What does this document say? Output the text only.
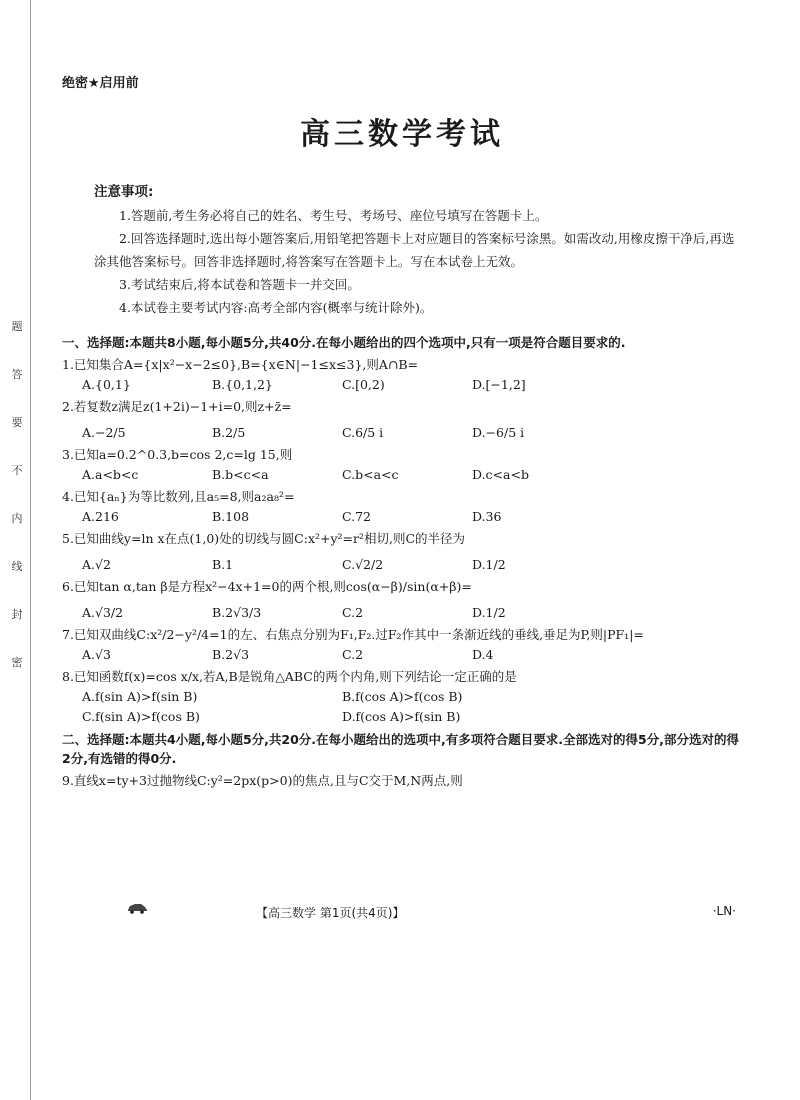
题
答
要
不
内
线
封
密
绝密★启用前
高三数学考试
注意事项:

1.答题前,考生务必将自己的姓名、考生号、考场号、座位号填写在答题卡上。

2.回答选择题时,选出每小题答案后,用铅笔把答题卡上对应题目的答案标号涂黑。如需改动,用橡皮擦干净后,再选涂其他答案标号。回答非选择题时,将答案写在答题卡上。写在本试卷上无效。

3.考试结束后,将本试卷和答题卡一并交回。

4.本试卷主要考试内容:高考全部内容(概率与统计除外)。

一、选择题:本题共8小题,每小题5分,共40分.在每小题给出的四个选项中,只有一项是符合题目要求的.
1.已知集合A={x|x²−x−2≤0},B={x∈N|−1≤x≤3},则A∩B=
A.{0,1}	B.{0,1,2}	C.[0,2)	D.[−1,2]
2.若复数z满足z(1+2i)−1+i=0,则z+z̄=
A.−2/5	B.2/5	C.6/5 i	D.−6/5 i
3.已知a=0.2^0.3,b=cos 2,c=lg 15,则
A.a<b<c	B.b<c<a	C.b<a<c	D.c<a<b
4.已知{aₙ}为等比数列,且a₅=8,则a₂a₈²=
A.216	B.108	C.72	D.36
5.已知曲线y=ln x在点(1,0)处的切线与圆C:x²+y²=r²相切,则C的半径为
A.√2	B.1	C.√2/2	D.1/2
6.已知tan α,tan β是方程x²−4x+1=0的两个根,则cos(α−β)/sin(α+β)=
A.√3/2	B.2√3/3	C.2	D.1/2
7.已知双曲线C:x²/2−y²/4=1的左、右焦点分别为F₁,F₂.过F₂作其中一条渐近线的垂线,垂足为P,则|PF₁|=
A.√3	B.2√3	C.2	D.4
8.已知函数f(x)=cos x/x,若A,B是锐角△ABC的两个内角,则下列结论一定正确的是
A.f(sin A)>f(sin B)	B.f(cos A)>f(cos B)
C.f(sin A)>f(cos B)	D.f(cos A)>f(sin B)
二、选择题:本题共4小题,每小题5分,共20分.在每小题给出的选项中,有多项符合题目要求.全部选对的得5分,部分选对的得2分,有选错的得0分.
9.直线x=ty+3过抛物线C:y²=2px(p>0)的焦点,且与C交于M,N两点,则
【高三数学 第1页(共4页)】	·LN·
